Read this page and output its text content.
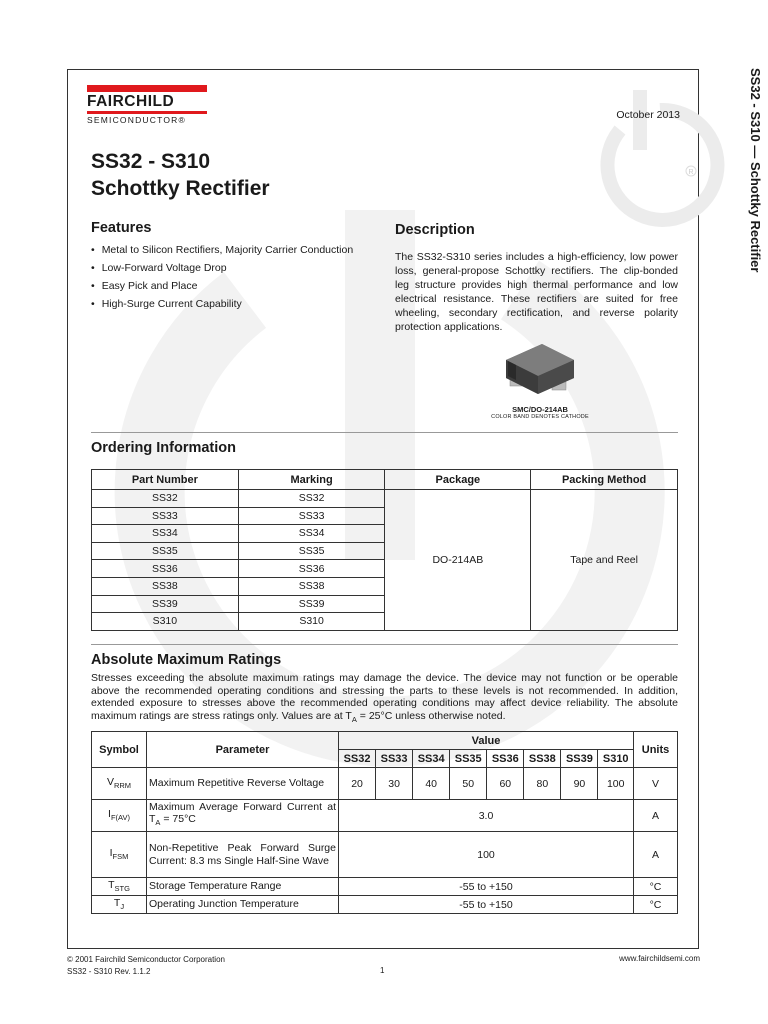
R
FAIRCHILD
SEMICONDUCTOR®	October 2013
SS32 - S310
Schottky Rectifier	SS32 - S310 — Schottky Rectifier
Features
• Metal to Silicon Rectifiers, Majority Carrier Conduction
• Low-Forward Voltage Drop
• Easy Pick and Place
• High-Surge Current Capability
Description
The SS32-S310 series includes a high-efficiency, low power loss, general-propose Schottky rectifiers. The clip-bonded leg structure provides high thermal performance and low electrical resistance. These rectifiers are suited for free wheeling, secondary rectification, and reverse polarity protection applications.
SMC/DO-214AB
COLOR BAND DENOTES CATHODE
Ordering Information
Part Number	Marking	Package	Packing Method
SS32	SS32	DO-214AB	Tape and Reel
SS33	SS33		
SS34	SS34		
SS35	SS35		
SS36	SS36		
SS38	SS38		
SS39	SS39		
S310	S310		
Absolute Maximum Ratings
Stresses exceeding the absolute maximum ratings may damage the device. The device may not function or be operable above the recommended operating conditions and stressing the parts to these levels is not recommended. In addition, extended exposure to stresses above the recommended operating conditions may affect device reliability. The absolute maximum ratings are stress ratings only. Values are at $T_A = 25^\circ C$ unless otherwise noted.
Symbol	Parameter	Value								Units
		SS32	SS33	SS34	SS35	SS36	SS38	SS39	S310	
$V_{RRM}$	Maximum Repetitive Reverse Voltage	20	30	40	50	60	80	90	100	V
$I_{F(AV)}$	Maximum Average Forward Current at $T_A = 75^\circ C$	3.0								A
$I_{FSM}$	Non-Repetitive Peak Forward Surge Current: 8.3 ms Single Half-Sine Wave	100								A
$T_{STG}$	Storage Temperature Range	-55 to +150								°C
$T_J$	Operating Junction Temperature	-55 to +150								°C
© 2001 Fairchild Semiconductor Corporation
SS32 - S310 Rev. 1.1.2	1
www.fairchildsemi.com
